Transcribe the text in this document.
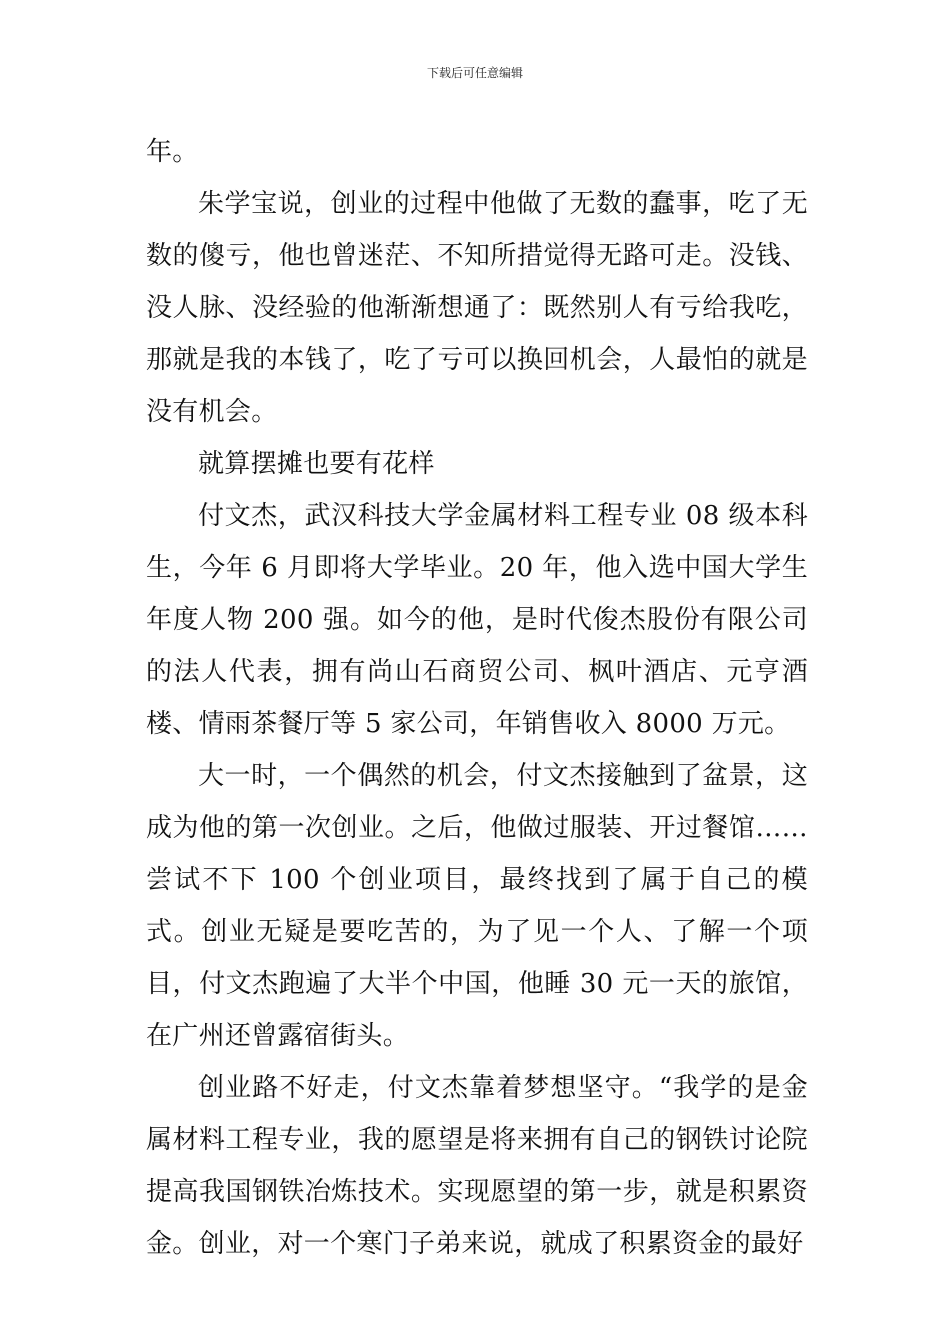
下载后可任意编辑

年。

朱学宝说，创业的过程中他做了无数的蠢事，吃了无数的傻亏，他也曾迷茫、不知所措觉得无路可走。没钱、没人脉、没经验的他渐渐想通了：既然别人有亏给我吃，那就是我的本钱了，吃了亏可以换回机会，人最怕的就是没有机会。

就算摆摊也要有花样

付文杰，武汉科技大学金属材料工程专业 08 级本科生，今年 6 月即将大学毕业。20 年，他入选中国大学生年度人物 200 强。如今的他，是时代俊杰股份有限公司的法人代表，拥有尚山石商贸公司、枫叶酒店、元亨酒楼、情雨茶餐厅等 5 家公司，年销售收入 8000 万元。

大一时，一个偶然的机会，付文杰接触到了盆景，这成为他的第一次创业。之后，他做过服装、开过餐馆……尝试不下 100 个创业项目，最终找到了属于自己的模式。创业无疑是要吃苦的，为了见一个人、了解一个项目，付文杰跑遍了大半个中国，他睡 30 元一天的旅馆，在广州还曾露宿街头。

创业路不好走，付文杰靠着梦想坚守。“我学的是金属材料工程专业，我的愿望是将来拥有自己的钢铁讨论院提高我国钢铁冶炼技术。实现愿望的第一步，就是积累资金。创业，对一个寒门子弟来说，就成了积累资金的最好
